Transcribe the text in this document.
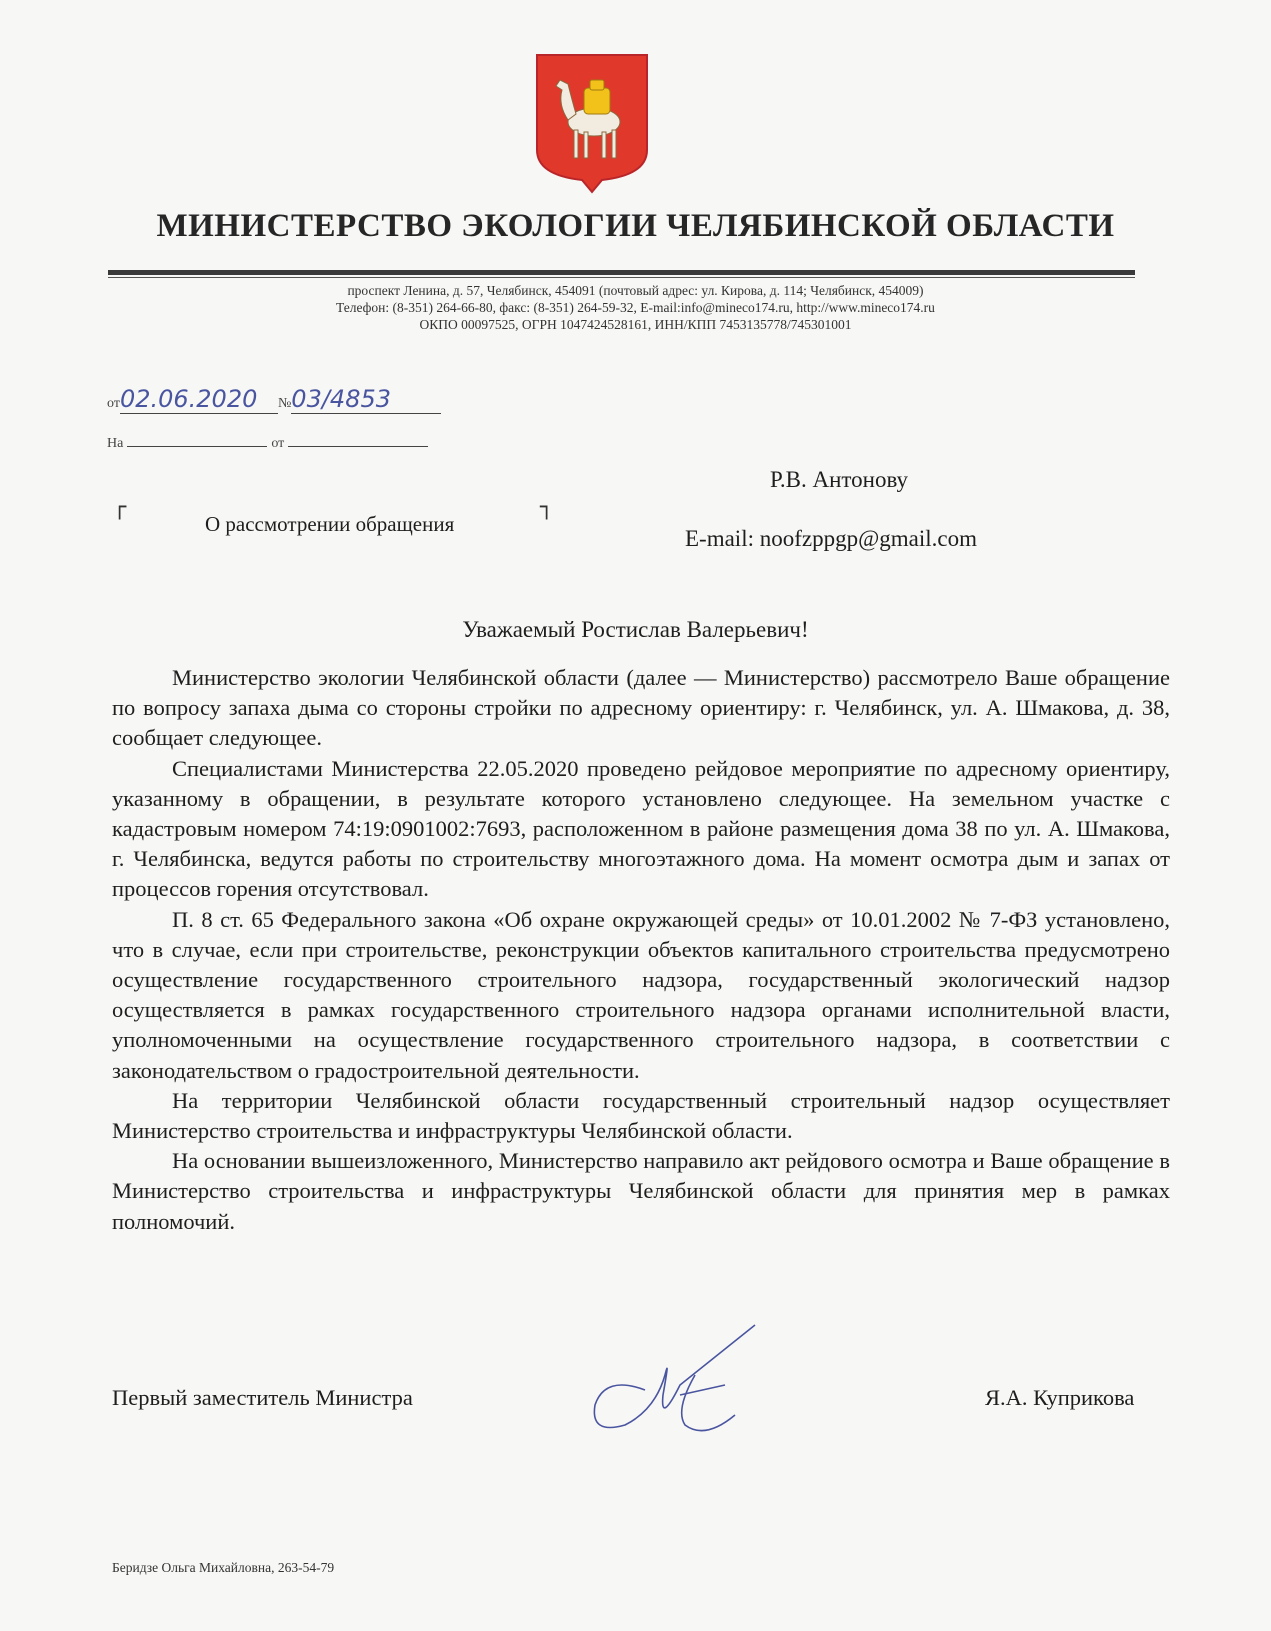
МИНИСТЕРСТВО ЭКОЛОГИИ ЧЕЛЯБИНСКОЙ ОБЛАСТИ
проспект Ленина, д. 57, Челябинск, 454091 (почтовый адрес: ул. Кирова, д. 114; Челябинск, 454009)
Телефон: (8-351) 264-66-80, факс: (8-351) 264-59-32, E-mail:info@mineco174.ru, http://www.mineco174.ru
ОКПО 00097525, ОГРН 1047424528161, ИНН/КПП 7453135778/745301001
от02.06.2020 №03/4853
На	от
┌	┐
О рассмотрении обращения
Р.В. Антонову
E-mail: noofzppgp@gmail.com
Уважаемый Ростислав Валерьевич!

Министерство экологии Челябинской области (далее — Министерство) рассмотрело Ваше обращение по вопросу запаха дыма со стороны стройки по адресному ориентиру: г. Челябинск, ул. А. Шмакова, д. 38, сообщает следующее.

Специалистами Министерства 22.05.2020 проведено рейдовое мероприятие по адресному ориентиру, указанному в обращении, в результате которого установлено следующее. На земельном участке с кадастровым номером 74:19:0901002:7693, расположенном в районе размещения дома 38 по ул. А. Шмакова, г. Челябинска, ведутся работы по строительству многоэтажного дома. На момент осмотра дым и запах от процессов горения отсутствовал.

П. 8 ст. 65 Федерального закона «Об охране окружающей среды» от 10.01.2002 № 7-ФЗ установлено, что в случае, если при строительстве, реконструкции объектов капитального строительства предусмотрено осуществление государственного строительного надзора, государственный экологический надзор осуществляется в рамках государственного строительного надзора органами исполнительной власти, уполномоченными на осуществление государственного строительного надзора, в соответствии с законодательством о градостроительной деятельности.

На территории Челябинской области государственный строительный надзор осуществляет Министерство строительства и инфраструктуры Челябинской области.

На основании вышеизложенного, Министерство направило акт рейдового осмотра и Ваше обращение в Министерство строительства и инфраструктуры Челябинской области для принятия мер в рамках полномочий.

Первый заместитель Министра	Я.А. Куприкова
Беридзе Ольга Михайловна, 263-54-79
